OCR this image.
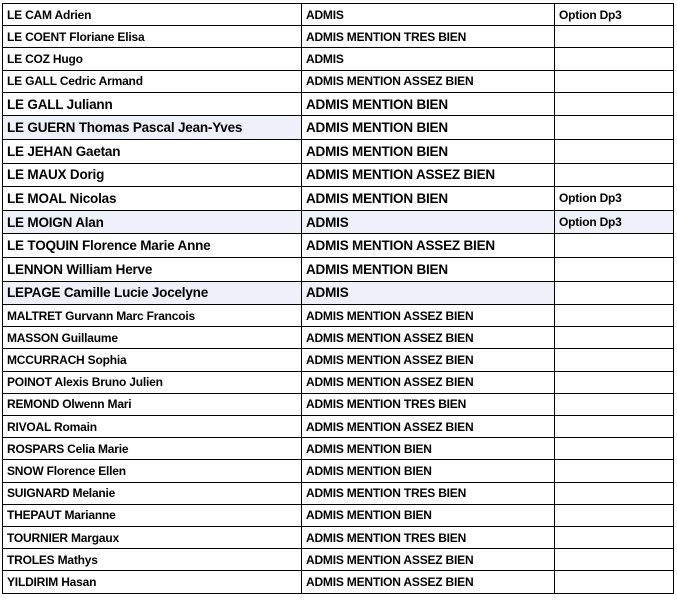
LE CAM Adrien	ADMIS	Option Dp3
LE COENT Floriane Elisa	ADMIS MENTION TRES BIEN	
LE COZ Hugo	ADMIS	
LE GALL Cedric Armand	ADMIS MENTION ASSEZ BIEN	
LE GALL Juliann	ADMIS MENTION BIEN	
LE GUERN Thomas Pascal Jean-Yves	ADMIS MENTION BIEN	
LE JEHAN Gaetan	ADMIS MENTION BIEN	
LE MAUX Dorig	ADMIS MENTION ASSEZ BIEN	
LE MOAL Nicolas	ADMIS MENTION BIEN	Option Dp3
LE MOIGN Alan	ADMIS	Option Dp3
LE TOQUIN Florence Marie Anne	ADMIS MENTION ASSEZ BIEN	
LENNON William Herve	ADMIS MENTION BIEN	
LEPAGE Camille Lucie Jocelyne	ADMIS	
MALTRET Gurvann Marc Francois	ADMIS MENTION ASSEZ BIEN	
MASSON Guillaume	ADMIS MENTION ASSEZ BIEN	
MCCURRACH Sophia	ADMIS MENTION ASSEZ BIEN	
POINOT Alexis Bruno Julien	ADMIS MENTION ASSEZ BIEN	
REMOND Olwenn Mari	ADMIS MENTION TRES BIEN	
RIVOAL Romain	ADMIS MENTION ASSEZ BIEN	
ROSPARS Celia Marie	ADMIS MENTION BIEN	
SNOW Florence Ellen	ADMIS MENTION BIEN	
SUIGNARD Melanie	ADMIS MENTION TRES BIEN	
THEPAUT Marianne	ADMIS MENTION BIEN	
TOURNIER Margaux	ADMIS MENTION TRES BIEN	
TROLES Mathys	ADMIS MENTION ASSEZ BIEN	
YILDIRIM Hasan	ADMIS MENTION ASSEZ BIEN	
